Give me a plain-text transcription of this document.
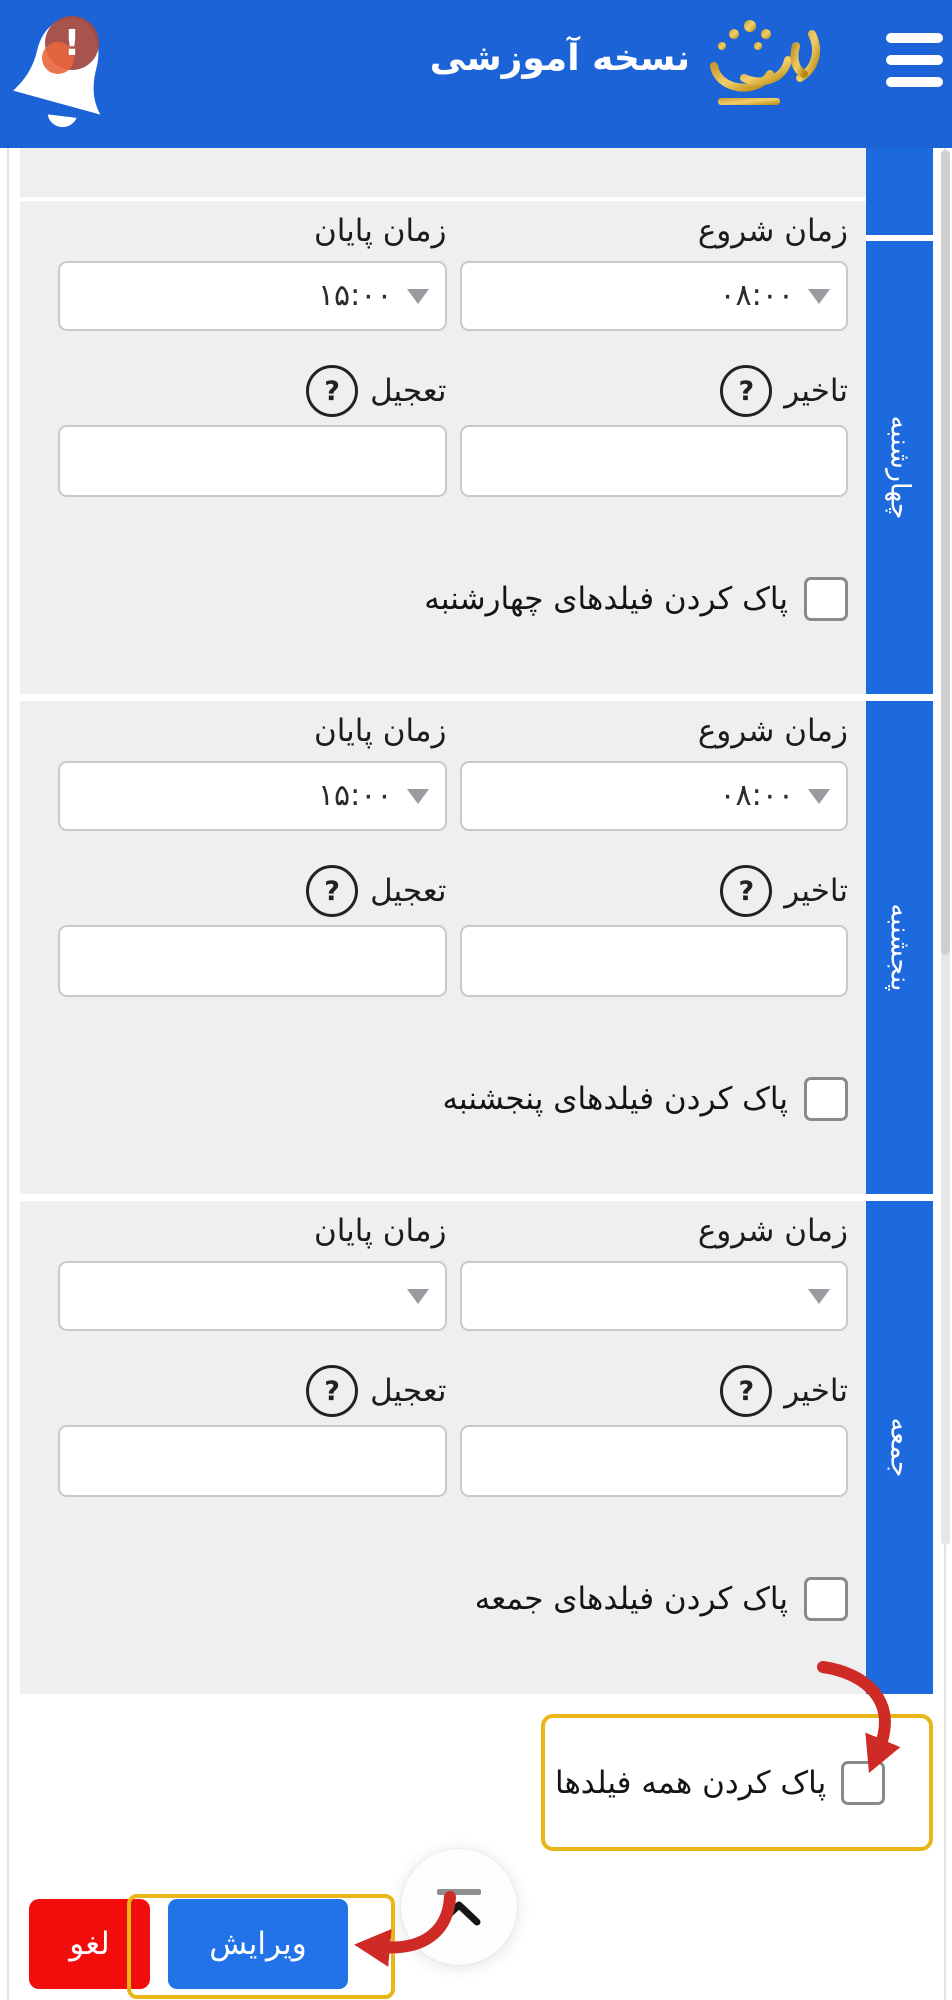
!	نسخه آموزشی
چهارشنبه
زمان شروع
زمان پایان
۰۸:۰۰
۱۵:۰۰
تاخیر
?
تعجیل
?
پاک کردن فیلدهای چهارشنبه
پنجشنبه
زمان شروع
زمان پایان
۰۸:۰۰
۱۵:۰۰
تاخیر
?
تعجیل
?
پاک کردن فیلدهای پنجشنبه
جمعه
زمان شروع
زمان پایان
تاخیر
?
تعجیل
?
پاک کردن فیلدهای جمعه
پاک کردن همه فیلدها
لغو	ویرایش
